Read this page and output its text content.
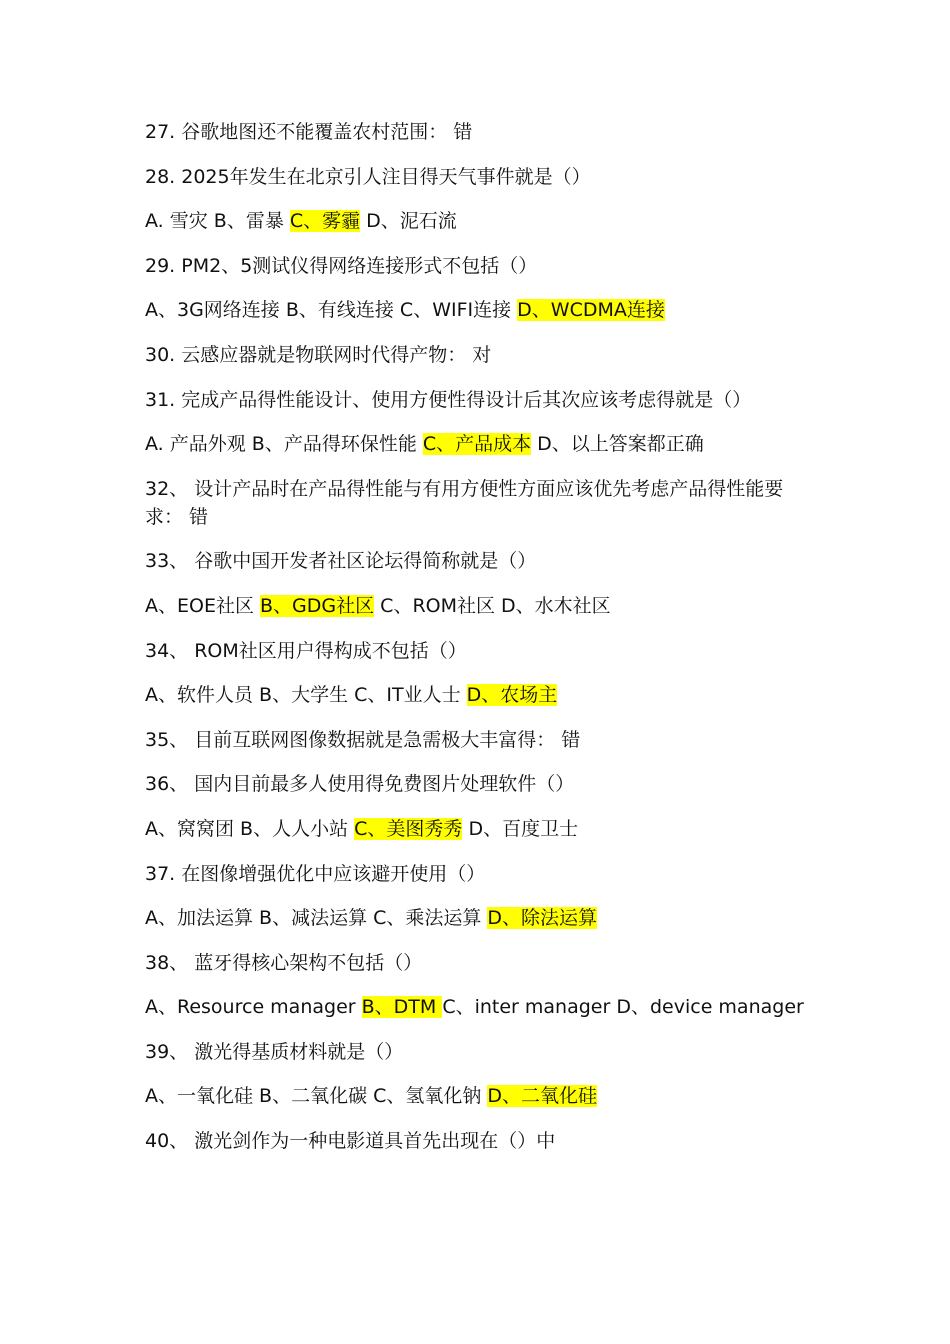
27. 谷歌地图还不能覆盖农村范围： 错
28. 2025年发生在北京引人注目得天气事件就是（）
A. 雪灾 B、雷暴 C、雾霾 D、泥石流
29. PM2、5测试仪得网络连接形式不包括（）
A、3G网络连接 B、有线连接 C、WIFI连接 D、WCDMA连接
30. 云感应器就是物联网时代得产物： 对
31. 完成产品得性能设计、使用方便性得设计后其次应该考虑得就是（）
A. 产品外观 B、产品得环保性能 C、产品成本 D、以上答案都正确
32、 设计产品时在产品得性能与有用方便性方面应该优先考虑产品得性能要求： 错
33、 谷歌中国开发者社区论坛得简称就是（）
A、EOE社区 B、GDG社区 C、ROM社区 D、水木社区
34、 ROM社区用户得构成不包括（）
A、软件人员 B、大学生 C、IT业人士 D、农场主
35、 目前互联网图像数据就是急需极大丰富得： 错
36、 国内目前最多人使用得免费图片处理软件（）
A、窝窝团 B、人人小站 C、美图秀秀 D、百度卫士
37. 在图像增强优化中应该避开使用（）
A、加法运算 B、减法运算 C、乘法运算 D、除法运算
38、 蓝牙得核心架构不包括（）
A、Resource manager B、DTM C、inter manager D、device manager
39、 激光得基质材料就是（）
A、一氧化硅 B、二氧化碳 C、氢氧化钠 D、二氧化硅
40、 激光剑作为一种电影道具首先出现在（）中
